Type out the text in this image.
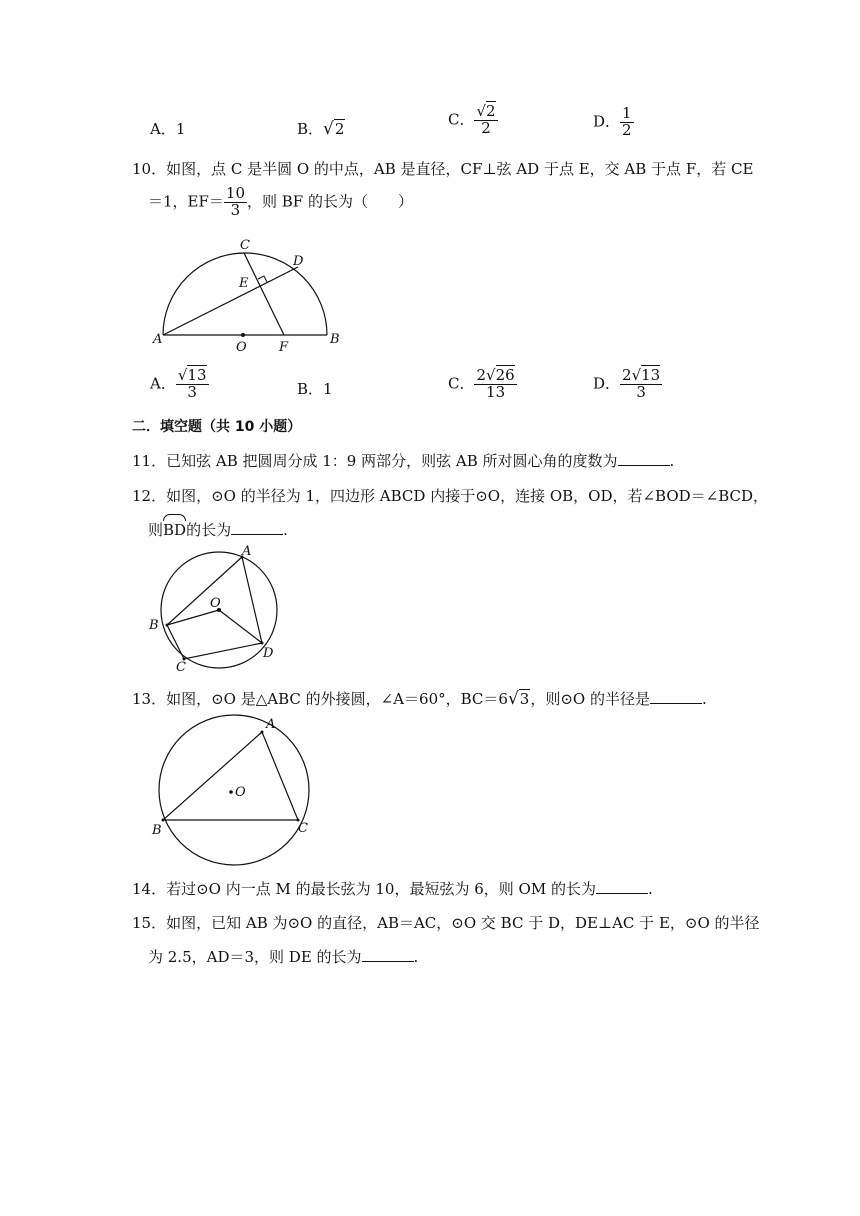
A．1	B．√2
C． $\frac{√2}{2}$	D． $\frac{1}{2}$
10．如图，点 C 是半圆 O 的中点，AB 是直径，CF⊥弦 AD 于点 E，交 AB 于点 F，若 CE
＝1，$EF= \frac{10}{3}$ ，则 BF 的长为（　　）
A	B
C
D
E
O F
A． $\frac{√13}{3}$	B．1	C． $\frac{2√26}{13}$	D． $\frac{2√13}{3}$
二．填空题（共 10 小题）
11．已知弦 AB 把圆周分成 1：9 两部分，则弦 AB 所对圆心角的度数为	.
12．如图，⊙O 的半径为 1，四边形 ABCD 内接于⊙O，连接 OB，OD，若∠BOD＝∠BCD，
则
BD的长为	.
A
B
C
D
O
13．如图，⊙O 是△ABC 的外接圆，∠A＝60°，BC＝6√3，则⊙O 的半径是	.
A
B	C
O
14．若过⊙O 内一点 M 的最长弦为 10，最短弦为 6，则 OM 的长为	.
15．如图，已知 AB 为⊙O 的直径，AB＝AC，⊙O 交 BC 于 D，DE⊥AC 于 E，⊙O 的半径
为 2.5，AD＝3，则 DE 的长为	.
